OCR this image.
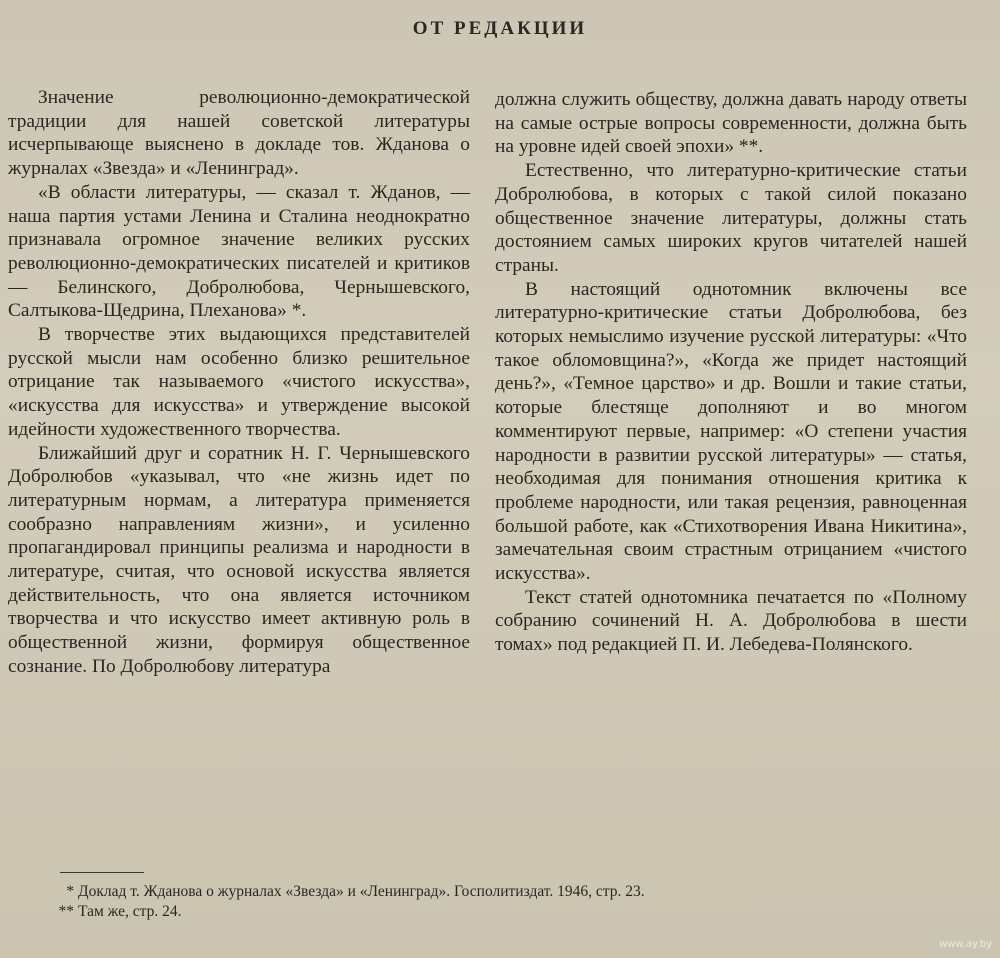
ОТ РЕДАКЦИИ

Значение революционно-демократической традиции для нашей советской литературы исчерпывающе выяснено в докладе тов. Жданова о журналах «Звезда» и «Ленинград».

«В области литературы, — сказал т. Жданов, — наша партия устами Ленина и Сталина неоднократно признавала огромное значение великих русских революционно-демократических писателей и критиков — Белинского, Добролюбова, Чернышевского, Салтыкова-Щедрина, Плеханова» *.

В творчестве этих выдающихся представителей русской мысли нам особенно близко решительное отрицание так называемого «чистого искусства», «искусства для искусства» и утверждение высокой идейности художественного творчества.

Ближайший друг и соратник Н. Г. Чернышевского Добролюбов «указывал, что «не жизнь идет по литературным нормам, а литература применяется сообразно направлениям жизни», и усиленно пропагандировал принципы реализма и народности в литературе, считая, что основой искусства является действительность, что она является источником творчества и что искусство имеет активную роль в общественной жизни, формируя общественное сознание. По Добролюбову литература

должна служить обществу, должна давать народу ответы на самые острые вопросы современности, должна быть на уровне идей своей эпохи» **.

Естественно, что литературно-критические статьи Добролюбова, в которых с такой силой показано общественное значение литературы, должны стать достоянием самых широких кругов читателей нашей страны.

В настоящий однотомник включены все литературно-критические статьи Добролюбова, без которых немыслимо изучение русской литературы: «Что такое обломовщина?», «Когда же придет настоящий день?», «Темное царство» и др. Вошли и такие статьи, которые блестяще дополняют и во многом комментируют первые, например: «О степени участия народности в развитии русской литературы» — статья, необходимая для понимания отношения критика к проблеме народности, или такая рецензия, равноценная большой работе, как «Стихотворения Ивана Никитина», замечательная своим страстным отрицанием «чистого искусства».

Текст статей однотомника печатается по «Полному собранию сочинений Н. А. Добролюбова в шести томах» под редакцией П. И. Лебедева-Полянского.

* Доклад т. Жданова о журналах «Звезда» и «Ленинград». Госполитиздат. 1946, стр. 23.
** Там же, стр. 24.
www.ay.by
